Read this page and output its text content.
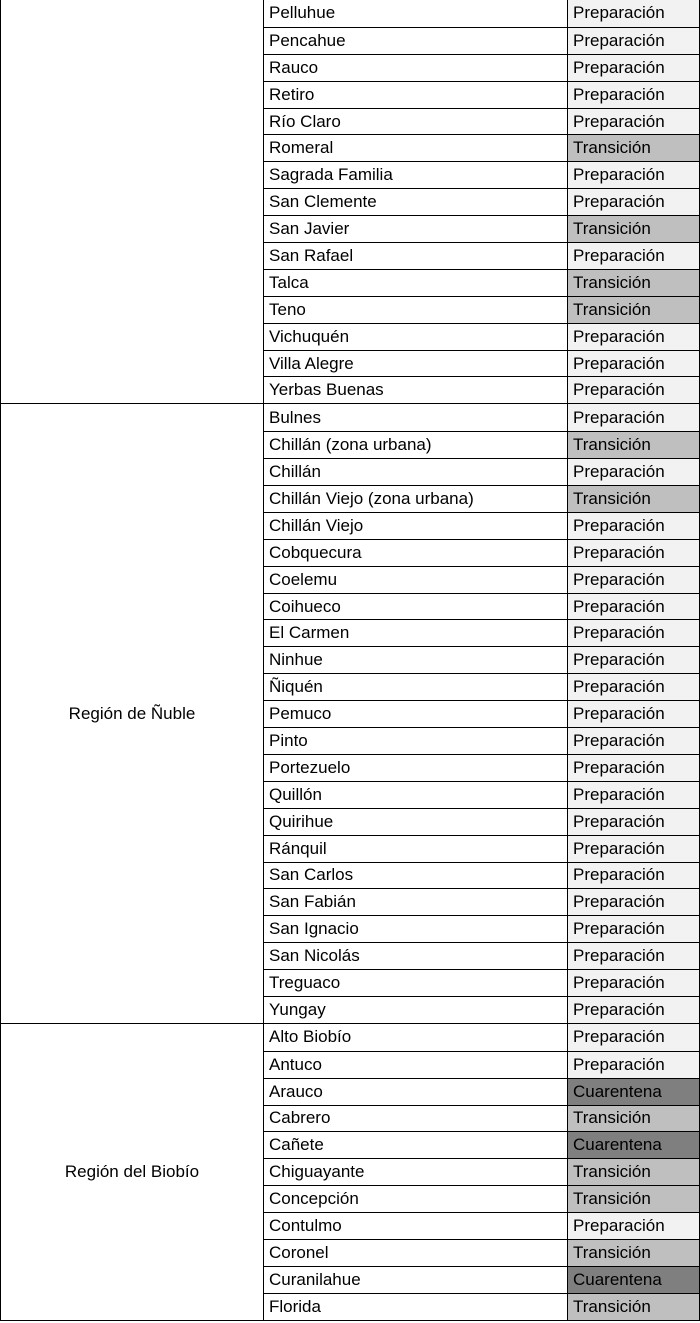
Pelluhue	Preparación
Pencahue	Preparación
Rauco	Preparación
Retiro	Preparación
Río Claro	Preparación
Romeral	Transición
Sagrada Familia	Preparación
San Clemente	Preparación
San Javier	Transición
San Rafael	Preparación
Talca	Transición
Teno	Transición
Vichuquén	Preparación
Villa Alegre	Preparación
Yerbas Buenas	Preparación
Región de Ñuble
Bulnes	Preparación
Chillán (zona urbana)	Transición
Chillán	Preparación
Chillán Viejo (zona urbana)	Transición
Chillán Viejo	Preparación
Cobquecura	Preparación
Coelemu	Preparación
Coihueco	Preparación
El Carmen	Preparación
Ninhue	Preparación
Ñiquén	Preparación
Pemuco	Preparación
Pinto	Preparación
Portezuelo	Preparación
Quillón	Preparación
Quirihue	Preparación
Ránquil	Preparación
San Carlos	Preparación
San Fabián	Preparación
San Ignacio	Preparación
San Nicolás	Preparación
Treguaco	Preparación
Yungay	Preparación
Región del Biobío
Alto Biobío	Preparación
Antuco	Preparación
Arauco	Cuarentena
Cabrero	Transición
Cañete	Cuarentena
Chiguayante	Transición
Concepción	Transición
Contulmo	Preparación
Coronel	Transición
Curanilahue	Cuarentena
Florida	Transición
